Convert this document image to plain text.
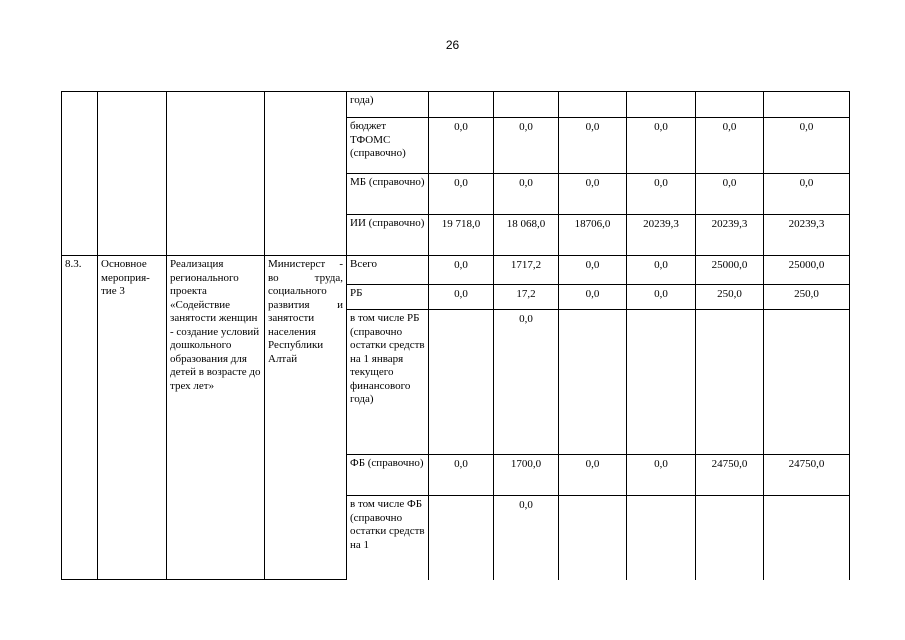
26
				года)						
				бюджет ТФОМС (справочно)	0,0	0,0	0,0	0,0	0,0	0,0
				МБ (справочно)	0,0	0,0	0,0	0,0	0,0	0,0
				ИИ (справочно)	19 718,0	18 068,0	18706,0	20239,3	20239,3	20239,3
8.3.	Основное мероприя-тие 3	Реализация регионального проекта «Содействие занятости женщин - создание условий дошкольного образования для детей в возрасте до трех лет»	Министерст - во труда, социального развития и занятости населения Республики Алтай	Всего	0,0	1717,2	0,0	0,0	25000,0	25000,0
				РБ	0,0	17,2	0,0	0,0	250,0	250,0
				в том числе РБ (справочно остатки средств на 1 января текущего финансового года)		0,0				
				ФБ (справочно)	0,0	1700,0	0,0	0,0	24750,0	24750,0
				в том числе ФБ (справочно остатки средств на 1		0,0				
